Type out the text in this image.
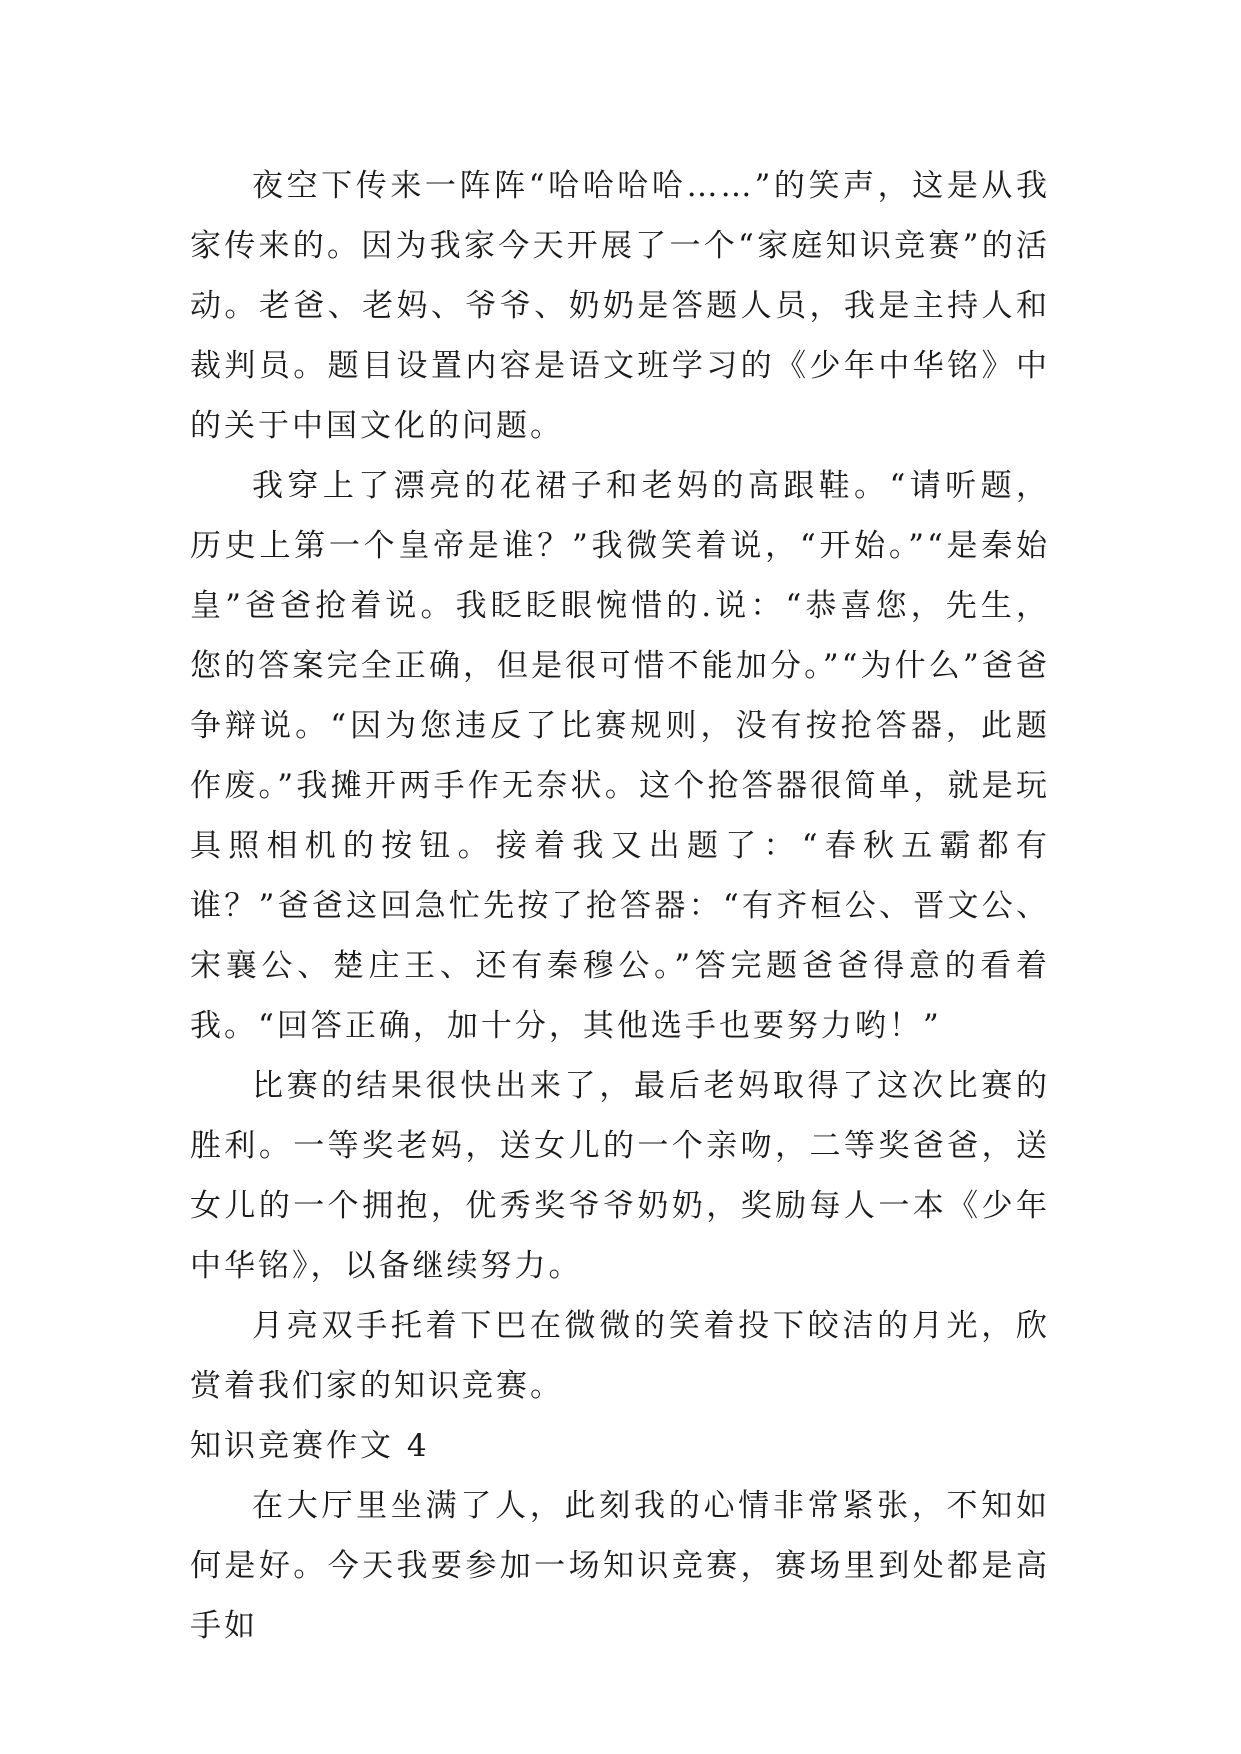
夜空下传来一阵阵“哈哈哈哈……”的笑声，这是从我家传来的。因为我家今天开展了一个“家庭知识竞赛”的活动。老爸、老妈、爷爷、奶奶是答题人员，我是主持人和裁判员。题目设置内容是语文班学习的《少年中华铭》中的关于中国文化的问题。

我穿上了漂亮的花裙子和老妈的高跟鞋。“请听题，历史上第一个皇帝是谁？”我微笑着说，“开始。”“是秦始皇”爸爸抢着说。我眨眨眼惋惜的.说：“恭喜您，先生，您的答案完全正确，但是很可惜不能加分。”“为什么”爸爸争辩说。“因为您违反了比赛规则，没有按抢答器，此题作废。”我摊开两手作无奈状。这个抢答器很简单，就是玩具照相机的按钮。接着我又出题了：“春秋五霸都有谁？”爸爸这回急忙先按了抢答器：“有齐桓公、晋文公、宋襄公、楚庄王、还有秦穆公。”答完题爸爸得意的看着我。“回答正确，加十分，其他选手也要努力哟！”

比赛的结果很快出来了，最后老妈取得了这次比赛的胜利。一等奖老妈，送女儿的一个亲吻，二等奖爸爸，送女儿的一个拥抱，优秀奖爷爷奶奶，奖励每人一本《少年中华铭》，以备继续努力。

月亮双手托着下巴在微微的笑着投下皎洁的月光，欣赏着我们家的知识竞赛。

知识竞赛作文 4

在大厅里坐满了人，此刻我的心情非常紧张，不知如何是好。今天我要参加一场知识竞赛，赛场里到处都是高手如
